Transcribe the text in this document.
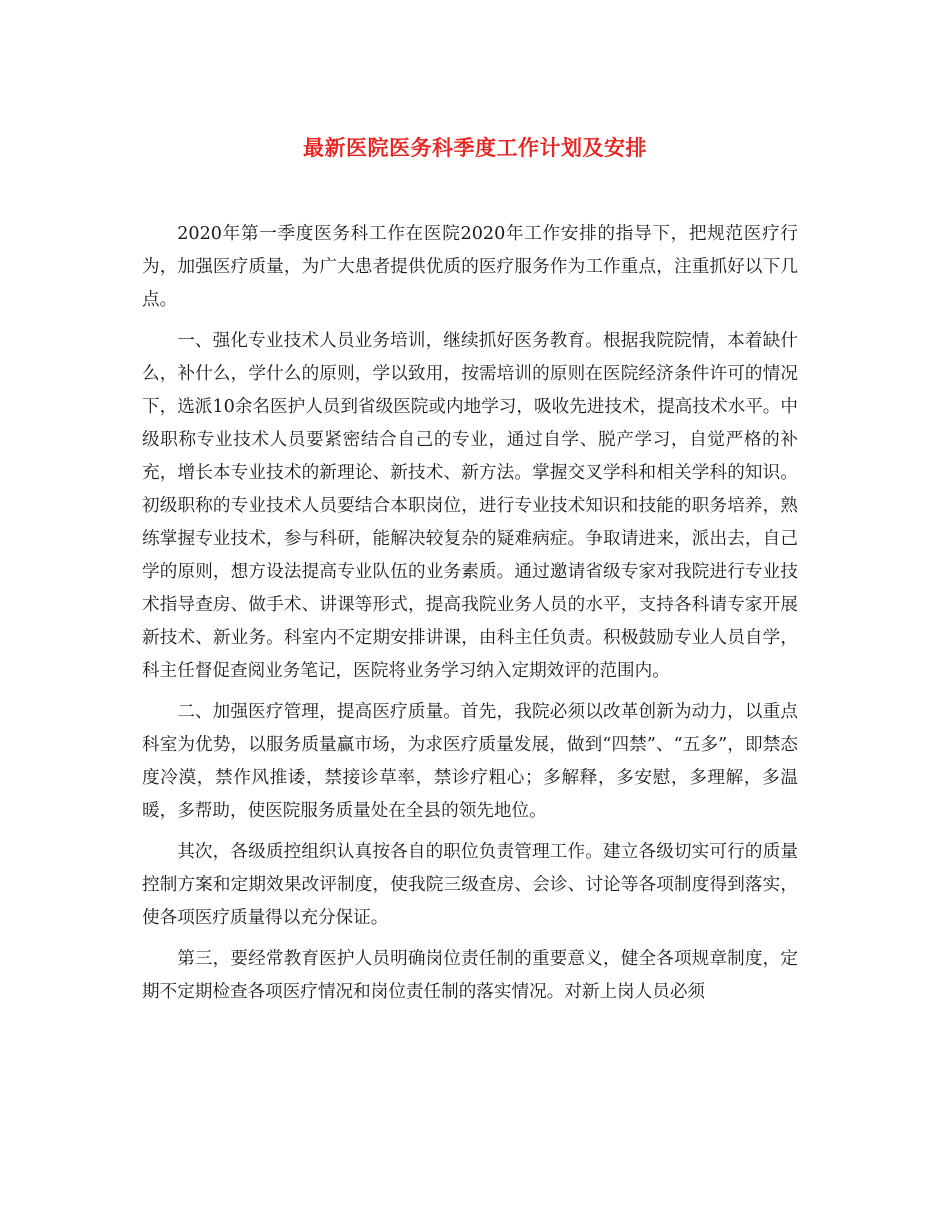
最新医院医务科季度工作计划及安排

2020年第一季度医务科工作在医院2020年工作安排的指导下，把规范医疗行为，加强医疗质量，为广大患者提供优质的医疗服务作为工作重点，注重抓好以下几点。

一、强化专业技术人员业务培训，继续抓好医务教育。根据我院院情，本着缺什么，补什么，学什么的原则，学以致用，按需培训的原则在医院经济条件许可的情况下，选派10余名医护人员到省级医院或内地学习，吸收先进技术，提高技术水平。中级职称专业技术人员要紧密结合自己的专业，通过自学、脱产学习，自觉严格的补充，增长本专业技术的新理论、新技术、新方法。掌握交叉学科和相关学科的知识。初级职称的专业技术人员要结合本职岗位，进行专业技术知识和技能的职务培养，熟练掌握专业技术，参与科研，能解决较复杂的疑难病症。争取请进来，派出去，自己学的原则，想方设法提高专业队伍的业务素质。通过邀请省级专家对我院进行专业技术指导查房、做手术、讲课等形式，提高我院业务人员的水平，支持各科请专家开展新技术、新业务。科室内不定期安排讲课，由科主任负责。积极鼓励专业人员自学，科主任督促查阅业务笔记，医院将业务学习纳入定期效评的范围内。

二、加强医疗管理，提高医疗质量。首先，我院必须以改革创新为动力，以重点科室为优势，以服务质量赢市场，为求医疗质量发展，做到“四禁”、“五多”，即禁态度冷漠，禁作风推诿，禁接诊草率，禁诊疗粗心；多解释，多安慰，多理解，多温暖，多帮助，使医院服务质量处在全县的领先地位。

其次，各级质控组织认真按各自的职位负责管理工作。建立各级切实可行的质量控制方案和定期效果改评制度，使我院三级查房、会诊、讨论等各项制度得到落实，使各项医疗质量得以充分保证。

第三，要经常教育医护人员明确岗位责任制的重要意义，健全各项规章制度，定期不定期检查各项医疗情况和岗位责任制的落实情况。对新上岗人员必须
